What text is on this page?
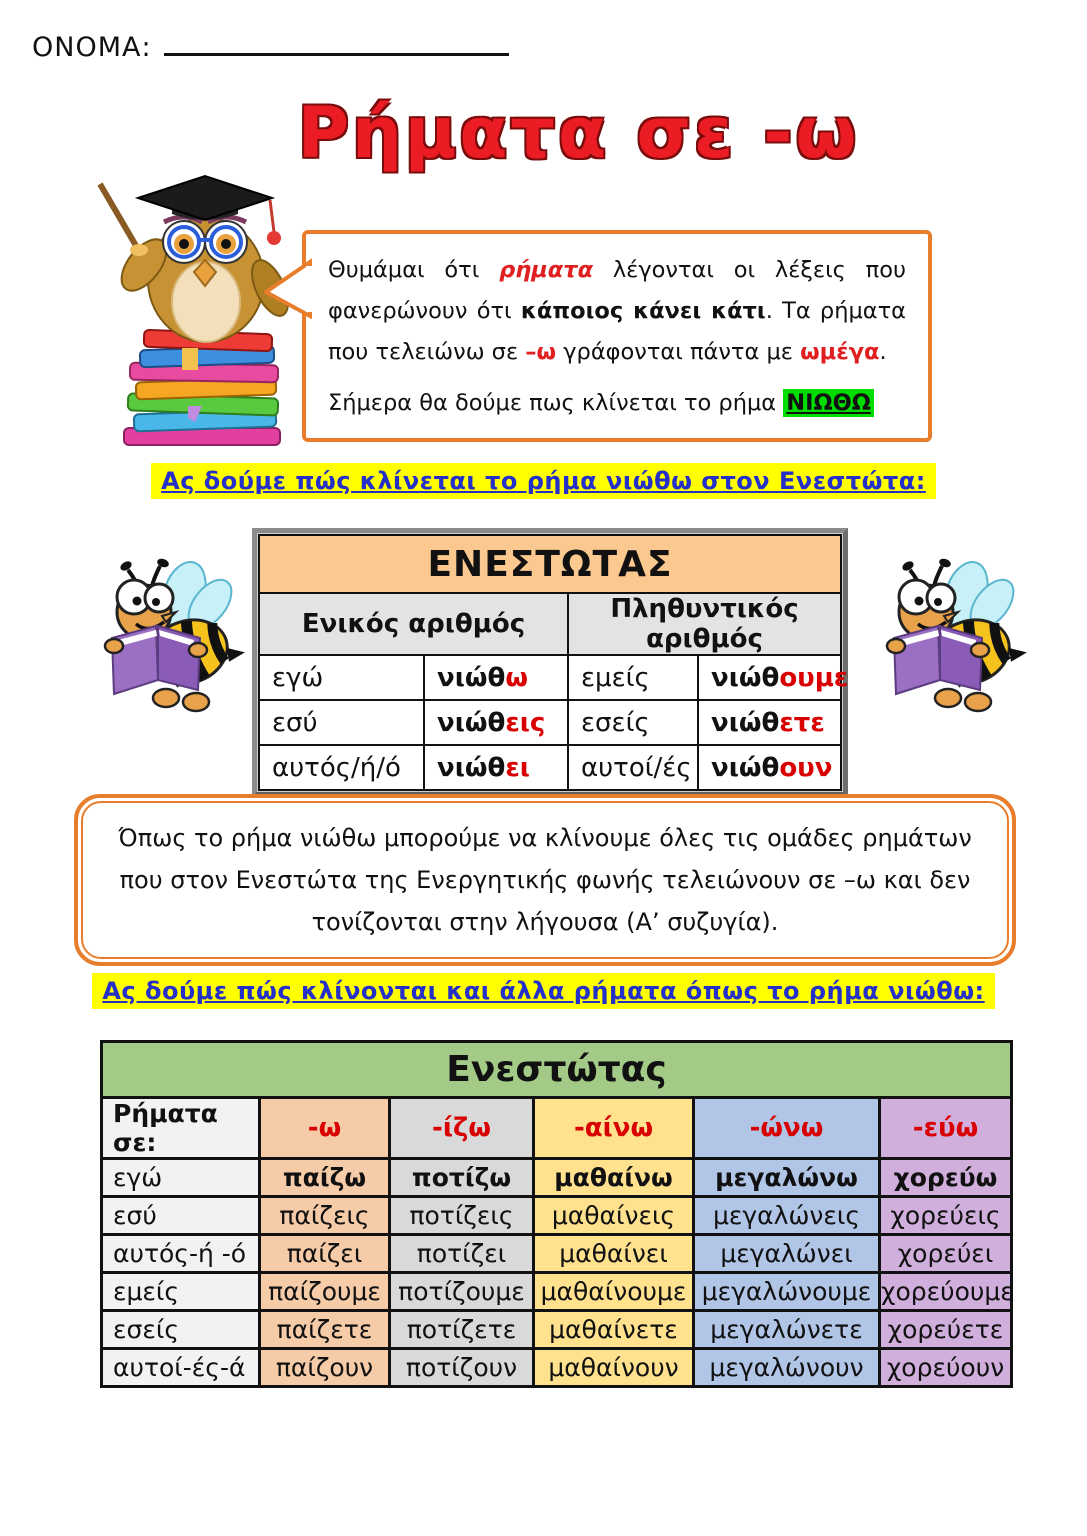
ΟΝΟΜΑ:
Ρήματα σε -ω

Θυμάμαι ότι ρήματα λέγονται οι λέξεις που φανερώνουν ότι κάποιος κάνει κάτι. Τα ρήματα που τελειώνω σε –ω γράφονται πάντα με ωμέγα.

Σήμερα θα δούμε πως κλίνεται το ρήμα ΝΙΩΘΩ

Ας δούμε πώς κλίνεται το ρήμα νιώθω στον Ενεστώτα:
ΕΝΕΣΤΩΤΑΣ			
Ενικός αριθμός		Πληθυντικός αριθμός	
εγώ	νιώθω	εμείς	νιώθουμε
εσύ	νιώθεις	εσείς	νιώθετε
αυτός/ή/ό	νιώθει	αυτοί/ές	νιώθουν

Όπως το ρήμα νιώθω μπορούμε να κλίνουμε όλες τις ομάδες ρημάτων που στον Ενεστώτα της Ενεργητικής φωνής τελειώνουν σε –ω και δεν τονίζονται στην λήγουσα (Α’ συζυγία).

Ας δούμε πώς κλίνονται και άλλα ρήματα όπως το ρήμα νιώθω:
Ενεστώτας					
Ρήματα σε:	-ω	-ίζω	-αίνω	-ώνω	-εύω
εγώ	παίζω	ποτίζω	μαθαίνω	μεγαλώνω	χορεύω
εσύ	παίζεις	ποτίζεις	μαθαίνεις	μεγαλώνεις	χορεύεις
αυτός-ή -ό	παίζει	ποτίζει	μαθαίνει	μεγαλώνει	χορεύει
εμείς	παίζουμε	ποτίζουμε	μαθαίνουμε	μεγαλώνουμε	χορεύουμε
εσείς	παίζετε	ποτίζετε	μαθαίνετε	μεγαλώνετε	χορεύετε
αυτοί-ές-ά	παίζουν	ποτίζουν	μαθαίνουν	μεγαλώνουν	χορεύουν
